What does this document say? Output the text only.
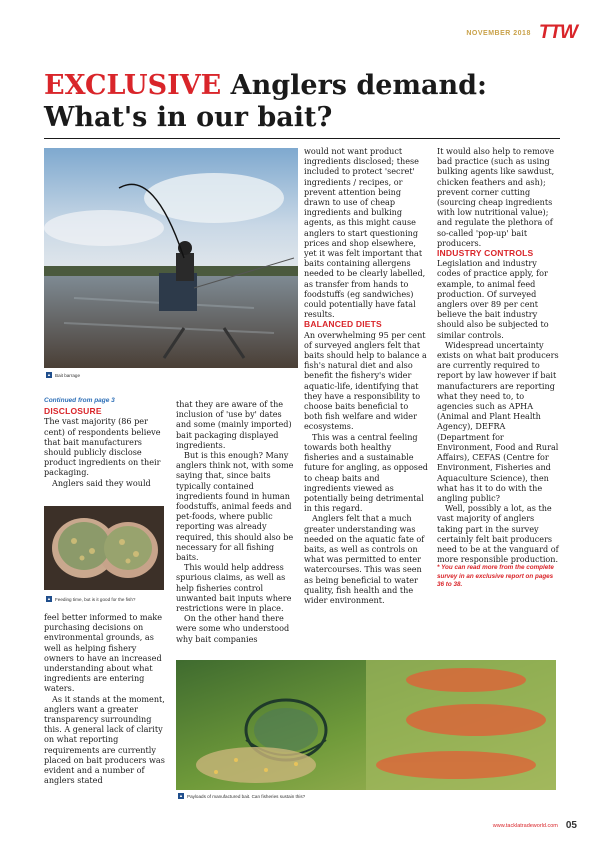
NOVEMBER 2018 TTW
EXCLUSIVE Anglers demand: What's in our bait?
▲ Bait barrage

Continued from page 3

DISCLOSURE

The vast majority (86 per cent) of respondents believe that bait manufacturers should publicly disclose product ingredients on their packaging.

Anglers said they would

▲ Feeding time, but is it good for the fish?

feel better informed to make purchasing decisions on environmental grounds, as well as helping fishery owners to have an increased understanding about what ingredients are entering waters.

As it stands at the moment, anglers want a greater transparency surrounding this. A general lack of clarity on what reporting requirements are currently placed on bait producers was evident and a number of anglers stated

that they are aware of the inclusion of 'use by' dates and some (mainly imported) bait packaging displayed ingredients.

But is this enough? Many anglers think not, with some saying that, since baits typically contained ingredients found in human foodstuffs, animal feeds and pet-foods, where public reporting was already required, this should also be necessary for all fishing baits.

This would help address spurious claims, as well as help fisheries control unwanted bait inputs where restrictions were in place.

On the other hand there were some who understood why bait companies

would not want product ingredients disclosed; these included to protect 'secret' ingredients / recipes, or prevent attention being drawn to use of cheap ingredients and bulking agents, as this might cause anglers to start questioning prices and shop elsewhere, yet it was felt important that baits containing allergens needed to be clearly labelled, as transfer from hands to foodstuffs (eg sandwiches) could potentially have fatal results.

BALANCED DIETS

An overwhelming 95 per cent of surveyed anglers felt that baits should help to balance a fish's natural diet and also benefit the fishery's wider aquatic-life, identifying that they have a responsibility to choose baits beneficial to both fish welfare and wider ecosystems.

This was a central feeling towards both healthy fisheries and a sustainable future for angling, as opposed to cheap baits and ingredients viewed as potentially being detrimental in this regard.

Anglers felt that a much greater understanding was needed on the aquatic fate of baits, as well as controls on what was permitted to enter watercourses. This was seen as being beneficial to water quality, fish health and the wider environment.

It would also help to remove bad practice (such as using bulking agents like sawdust, chicken feathers and ash); prevent corner cutting (sourcing cheap ingredients with low nutritional value); and regulate the plethora of so-called 'pop-up' bait producers.

INDUSTRY CONTROLS

Legislation and industry codes of practice apply, for example, to animal feed production. Of surveyed anglers over 89 per cent believe the bait industry should also be subjected to similar controls.

Widespread uncertainty exists on what bait producers are currently required to report by law however if bait manufacturers are reporting what they need to, to agencies such as APHA (Animal and Plant Health Agency), DEFRA (Department for Environment, Food and Rural Affairs), CEFAS (Centre for Environment, Fisheries and Aquaculture Science), then what has it to do with the angling public?

Well, possibly a lot, as the vast majority of anglers taking part in the survey certainly felt bait producers need to be at the vanguard of more responsible production.

* You can read more from the complete survey in an exclusive report on pages 36 to 38.

▲ Payloads of manufactured bait. Can fisheries sustain this?
www.tacklatradeworld.com 05
